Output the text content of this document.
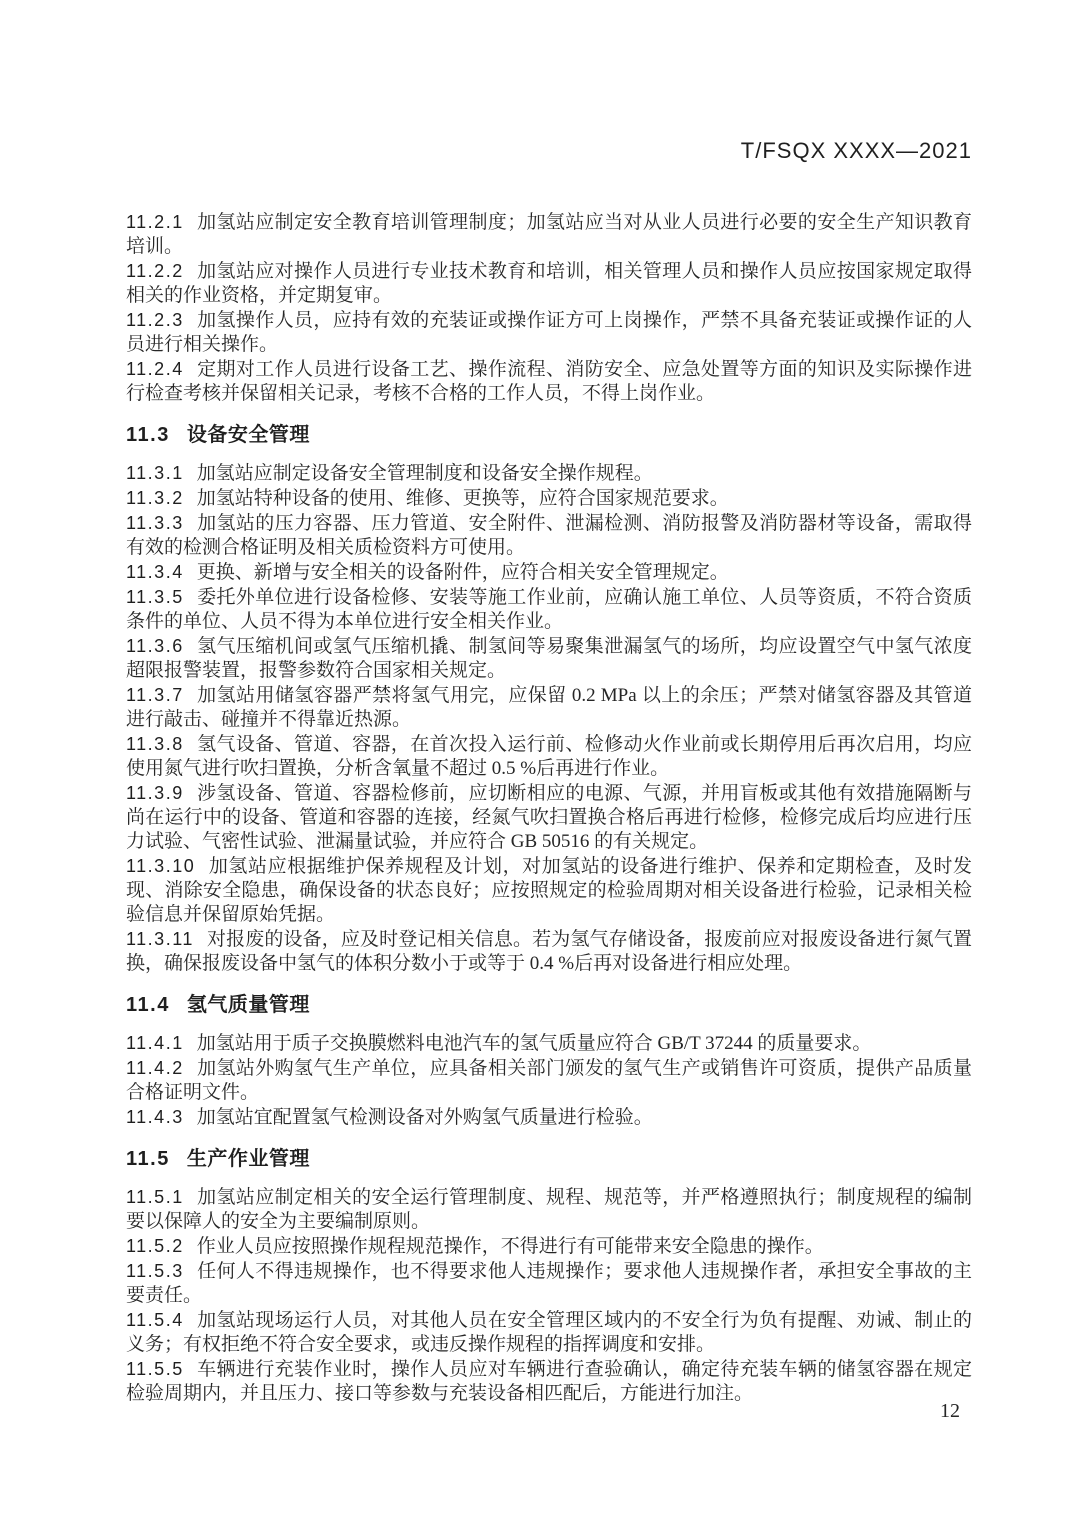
T/FSQX XXXX—2021

11.2.1 加氢站应制定安全教育培训管理制度；加氢站应当对从业人员进行必要的安全生产知识教育培训。

11.2.2 加氢站应对操作人员进行专业技术教育和培训，相关管理人员和操作人员应按国家规定取得相关的作业资格，并定期复审。

11.2.3 加氢操作人员，应持有效的充装证或操作证方可上岗操作，严禁不具备充装证或操作证的人员进行相关操作。

11.2.4 定期对工作人员进行设备工艺、操作流程、消防安全、应急处置等方面的知识及实际操作进行检查考核并保留相关记录，考核不合格的工作人员，不得上岗作业。

11.3 设备安全管理

11.3.1 加氢站应制定设备安全管理制度和设备安全操作规程。

11.3.2 加氢站特种设备的使用、维修、更换等，应符合国家规范要求。

11.3.3 加氢站的压力容器、压力管道、安全附件、泄漏检测、消防报警及消防器材等设备，需取得有效的检测合格证明及相关质检资料方可使用。

11.3.4 更换、新增与安全相关的设备附件，应符合相关安全管理规定。

11.3.5 委托外单位进行设备检修、安装等施工作业前，应确认施工单位、人员等资质，不符合资质条件的单位、人员不得为本单位进行安全相关作业。

11.3.6 氢气压缩机间或氢气压缩机撬、制氢间等易聚集泄漏氢气的场所，均应设置空气中氢气浓度超限报警装置，报警参数符合国家相关规定。

11.3.7 加氢站用储氢容器严禁将氢气用完，应保留 0.2 MPa 以上的余压；严禁对储氢容器及其管道进行敲击、碰撞并不得靠近热源。

11.3.8 氢气设备、管道、容器，在首次投入运行前、检修动火作业前或长期停用后再次启用，均应使用氮气进行吹扫置换，分析含氧量不超过 0.5 %后再进行作业。

11.3.9 涉氢设备、管道、容器检修前，应切断相应的电源、气源，并用盲板或其他有效措施隔断与尚在运行中的设备、管道和容器的连接，经氮气吹扫置换合格后再进行检修，检修完成后均应进行压力试验、气密性试验、泄漏量试验，并应符合 GB 50516 的有关规定。

11.3.10 加氢站应根据维护保养规程及计划，对加氢站的设备进行维护、保养和定期检查，及时发现、消除安全隐患，确保设备的状态良好；应按照规定的检验周期对相关设备进行检验，记录相关检验信息并保留原始凭据。

11.3.11 对报废的设备，应及时登记相关信息。若为氢气存储设备，报废前应对报废设备进行氮气置换，确保报废设备中氢气的体积分数小于或等于 0.4 %后再对设备进行相应处理。

11.4 氢气质量管理

11.4.1 加氢站用于质子交换膜燃料电池汽车的氢气质量应符合 GB/T 37244 的质量要求。

11.4.2 加氢站外购氢气生产单位，应具备相关部门颁发的氢气生产或销售许可资质，提供产品质量合格证明文件。

11.4.3 加氢站宜配置氢气检测设备对外购氢气质量进行检验。

11.5 生产作业管理

11.5.1 加氢站应制定相关的安全运行管理制度、规程、规范等，并严格遵照执行；制度规程的编制要以保障人的安全为主要编制原则。

11.5.2 作业人员应按照操作规程规范操作，不得进行有可能带来安全隐患的操作。

11.5.3 任何人不得违规操作，也不得要求他人违规操作；要求他人违规操作者，承担安全事故的主要责任。

11.5.4 加氢站现场运行人员，对其他人员在安全管理区域内的不安全行为负有提醒、劝诫、制止的义务；有权拒绝不符合安全要求，或违反操作规程的指挥调度和安排。

11.5.5 车辆进行充装作业时，操作人员应对车辆进行查验确认，确定待充装车辆的储氢容器在规定检验周期内，并且压力、接口等参数与充装设备相匹配后，方能进行加注。

12
